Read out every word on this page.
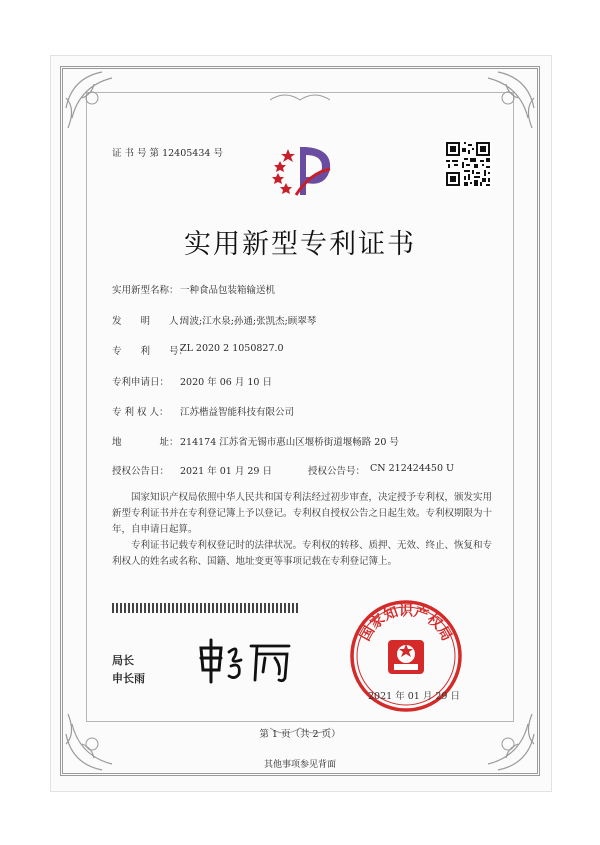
证 书 号 第 12405434 号
实用新型专利证书
实用新型名称： 一种食品包装箱输送机
发　　明　　人：
周波;江水泉;孙通;张凯杰;顾翠琴
专　　利　　号：
ZL 2020 2 1050827.0
专利申请日： 2020 年 06 月 10 日
专 利 权 人： 江苏楷益智能科技有限公司
地　　　　址： 214174 江苏省无锡市惠山区堰桥街道堰畅路 20 号
授权公告日： 2021 年 01 月 29 日	授权公告号： CN 212424450 U
国家知识产权局依照中华人民共和国专利法经过初步审查，决定授予专利权，颁发实用新型专利证书并在专利登记簿上予以登记。专利权自授权公告之日起生效。专利权期限为十年，自申请日起算。
专利证书记载专利权登记时的法律状况。专利权的转移、质押、无效、终止、恢复和专利权人的姓名或名称、国籍、地址变更等事项记载在专利登记簿上。
局长
申长雨
国家知识产权局
2021 年 01 月 29 日
第 1 页（共 2 页）
其他事项参见背面
